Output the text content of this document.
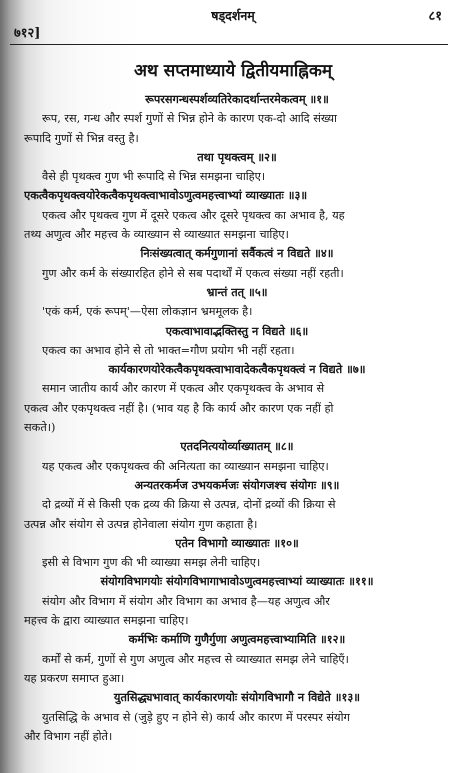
७१२]
षड्दर्शनम्	८१
अथ सप्तमाध्याये द्वितीयमाह्निकम्
रूपरसगन्धस्पर्शव्यतिरेकादर्थान्तरमेकत्वम् ॥१॥
रूप, रस, गन्ध और स्पर्श गुणों से भिन्न होने के कारण एक-दो आदि संख्या
रूपादि गुणों से भिन्न वस्तु है।
तथा पृथक्त्वम् ॥२॥
वैसे ही पृथक्त्व गुण भी रूपादि से भिन्न समझना चाहिए।
एकत्वैकपृथक्त्वयोरेकत्वैकपृथक्त्वाभावोऽणुत्वमहत्त्वाभ्यां व्याख्यातः ॥३॥
एकत्व और पृथक्त्व गुण में दूसरे एकत्व और दूसरे पृथक्त्व का अभाव है, यह
तथ्य अणुत्व और महत्त्व के व्याख्यान से व्याख्यात समझना चाहिए।
निःसंख्यत्वात् कर्मगुणानां सर्वैकत्वं न विद्यते ॥४॥
गुण और कर्म के संख्यारहित होने से सब पदार्थों में एकत्व संख्या नहीं रहती।
भ्रान्तं तत् ॥५॥
'एकं कर्म, एकं रूपम्'—ऐसा लोकज्ञान भ्रममूलक है।
एकत्वाभावाद्भक्तिस्तु न विद्यते ॥६॥
एकत्व का अभाव होने से तो भाक्त=गौण प्रयोग भी नहीं रहता।
कार्यकारणयोरेकत्वैकपृथक्त्वाभावादेकत्वैकपृथक्त्वं न विद्यते ॥७॥
समान जातीय कार्य और कारण में एकत्व और एकपृथक्त्व के अभाव से
एकत्व और एकपृथक्त्व नहीं है। (भाव यह है कि कार्य और कारण एक नहीं हो
सकते।)
एतदनित्ययोर्व्याख्यातम् ॥८॥
यह एकत्व और एकपृथक्त्व की अनित्यता का व्याख्यान समझना चाहिए।
अन्यतरकर्मज उभयकर्मजः संयोगजश्च संयोगः ॥९॥
दो द्रव्यों में से किसी एक द्रव्य की क्रिया से उत्पन्न, दोनों द्रव्यों की क्रिया से
उत्पन्न और संयोग से उत्पन्न होनेवाला संयोग गुण कहाता है।
एतेन विभागो व्याख्यातः ॥१०॥
इसी से विभाग गुण की भी व्याख्या समझ लेनी चाहिए।
संयोगविभागयोः संयोगविभागाभावोऽणुत्वमहत्त्वाभ्यां व्याख्यातः ॥११॥
संयोग और विभाग में संयोग और विभाग का अभाव है—यह अणुत्व और
महत्त्व के द्वारा व्याख्यात समझना चाहिए।
कर्मभिः कर्माणि गुणैर्गुणा अणुत्वमहत्त्वाभ्यामिति ॥१२॥
कर्मों से कर्म, गुणों से गुण अणुत्व और महत्त्व से व्याख्यात समझ लेने चाहिएँ।
यह प्रकरण समाप्त हुआ।
युतसिद्ध्यभावात् कार्यकारणयोः संयोगविभागौ न विद्येते ॥१३॥
युतसिद्धि के अभाव से (जुड़े हुए न होने से) कार्य और कारण में परस्पर संयोग
और विभाग नहीं होते।
